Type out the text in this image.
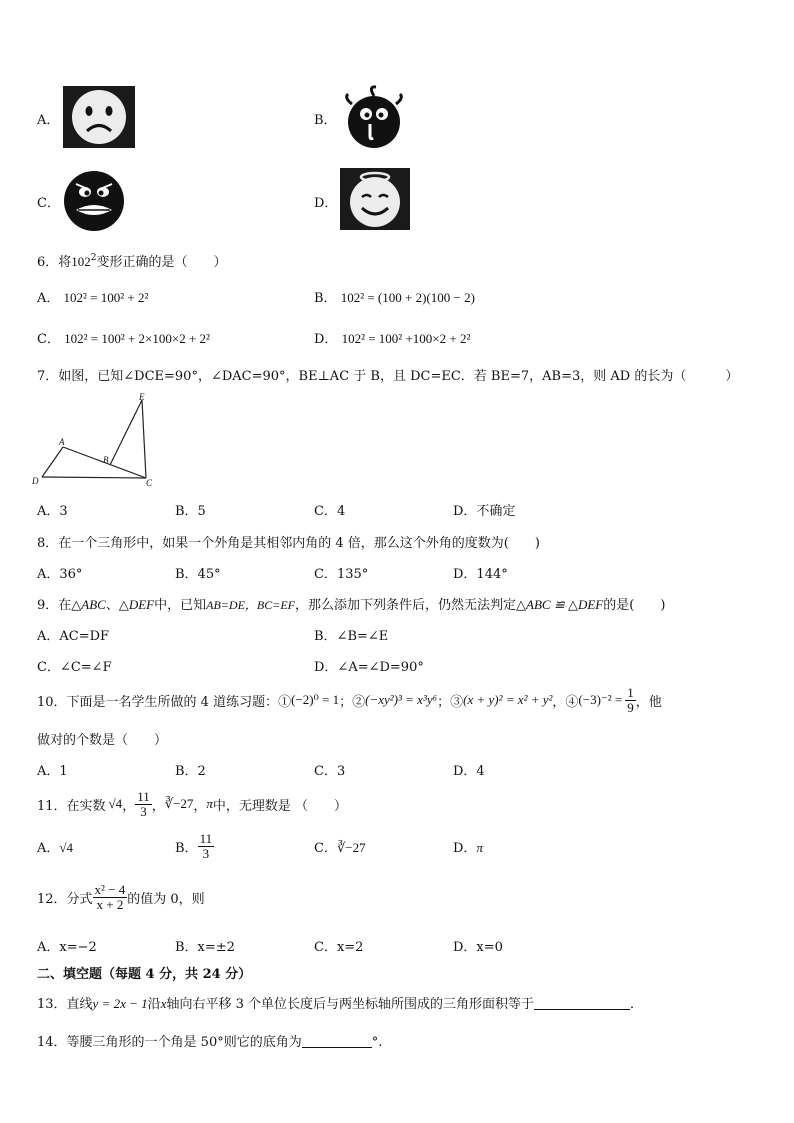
A．	B．
C．	D．
6．将$102^2$变形正确的是（　　）
A． 102² = 100² + 2²	B． 102² = (100 + 2)(100 − 2)
C． 102² = 100² + 2×100×2 + 2²	D． 102² = 100² +100×2 + 2²
7．如图，已知∠DCE=90°，∠DAC=90°，BE⊥AC 于 B，且 DC=EC．若 BE=7，AB=3，则 AD 的长为（　　　）
D
A
B
C
E
A．3	B．5	C．4	D．不确定
8．在一个三角形中，如果一个外角是其相邻内角的 4 倍，那么这个外角的度数为(　　)
A．36°	B．45°	C．135°	D．144°
9．在△ABC、△DEF中，已知AB=DE，BC=EF，那么添加下列条件后，仍然无法判定△ABC ≌ △DEF的是(　　)
A．AC=DF	B．∠B=∠E
C．∠C=∠F	D．∠A=∠D=90°
10．下面是一名学生所做的 4 道练习题：① (−2)⁰ = 1 ；② (−xy²)³ = x³y⁶ ；③ (x + y)² = x² + y² ，④ $(-3)^{-2} = \frac{1}{9}$ ，他
做对的个数是（　　）
A．1	B．2	C．3	D．4
11．在实数 √4 ， $\frac{11}{3}$ ， ∛−27 ， π 中，无理数是 （　　）
A．√4	B． $\frac{11}{3}$	C．∛−27	D．π
12．分式 $\frac{\text{x² − 4}}{x + 2}$ 的值为 0，则
A．x=−2	B．x=±2	C．x=2	D．x=0
二、填空题（每题 4 分，共 24 分）
13．直线y = 2x − 1沿x轴向右平移 3 个单位长度后与两坐标轴所围成的三角形面积等于	．
14．等腰三角形的一个角是 50°则它的底角为	°.
